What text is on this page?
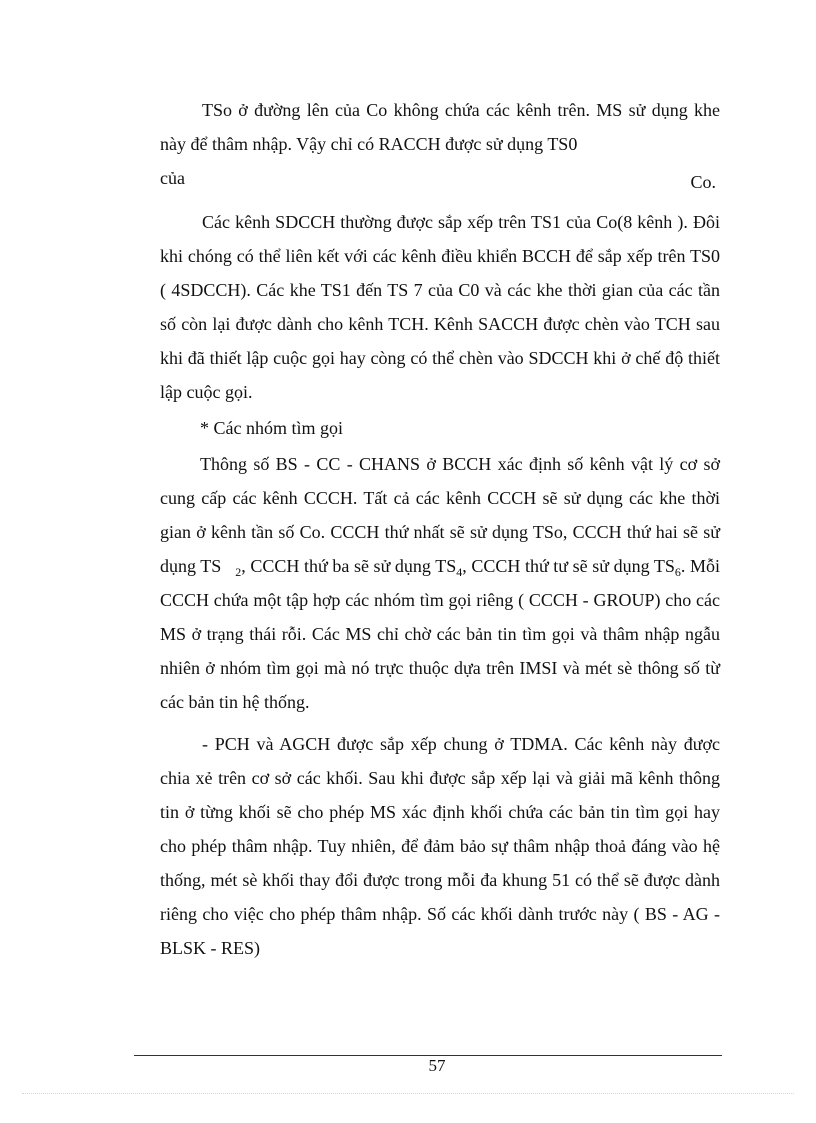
TSo ở đường lên của Co không chứa các kênh trên. MS sử dụng khe này để thâm nhập. Vậy chỉ có RACCH được sử dụng TS0

của	Co.

Các kênh SDCCH thường được sắp xếp trên TS1 của Co(8 kênh ). Đôi khi chóng có thể liên kết với các kênh điều khiển BCCH để sắp xếp trên TS0 ( 4SDCCH). Các khe TS1 đến TS 7 của C0 và các khe thời gian của các tần số còn lại được dành cho kênh TCH. Kênh SACCH được chèn vào TCH sau khi đã thiết lập cuộc gọi hay còng có thể chèn vào SDCCH khi ở chế độ thiết lập cuộc gọi.

* Các nhóm tìm gọi

Thông số BS - CC - CHANS ở BCCH xác định số kênh vật lý cơ sở cung cấp các kênh CCCH. Tất cả các kênh CCCH sẽ sử dụng các khe thời gian ở kênh tần số Co. CCCH thứ nhất sẽ sử dụng TSo, CCCH thứ hai sẽ sử dụng TS $_2$, CCCH thứ ba sẽ sử dụng $TS_4$, CCCH thứ tư sẽ sử dụng $TS_6$. Mỗi CCCH chứa một tập hợp các nhóm tìm gọi riêng ( CCCH - GROUP) cho các MS ở trạng thái rỗi. Các MS chỉ chờ các bản tin tìm gọi và thâm nhập ngẫu nhiên ở nhóm tìm gọi mà nó trực thuộc dựa trên IMSI và mét sè thông số từ các bản tin hệ thống.

- PCH và AGCH được sắp xếp chung ở TDMA. Các kênh này được chia xẻ trên cơ sở các khối. Sau khi được sắp xếp lại và giải mã kênh thông tin ở từng khối sẽ cho phép MS xác định khối chứa các bản tin tìm gọi hay cho phép thâm nhập. Tuy nhiên, để đảm bảo sự thâm nhập thoả đáng vào hệ thống, mét sè khối thay đổi được trong mỗi đa khung 51 có thể sẽ được dành riêng cho việc cho phép thâm nhập. Số các khối dành trước này ( BS - AG - BLSK - RES)

57
